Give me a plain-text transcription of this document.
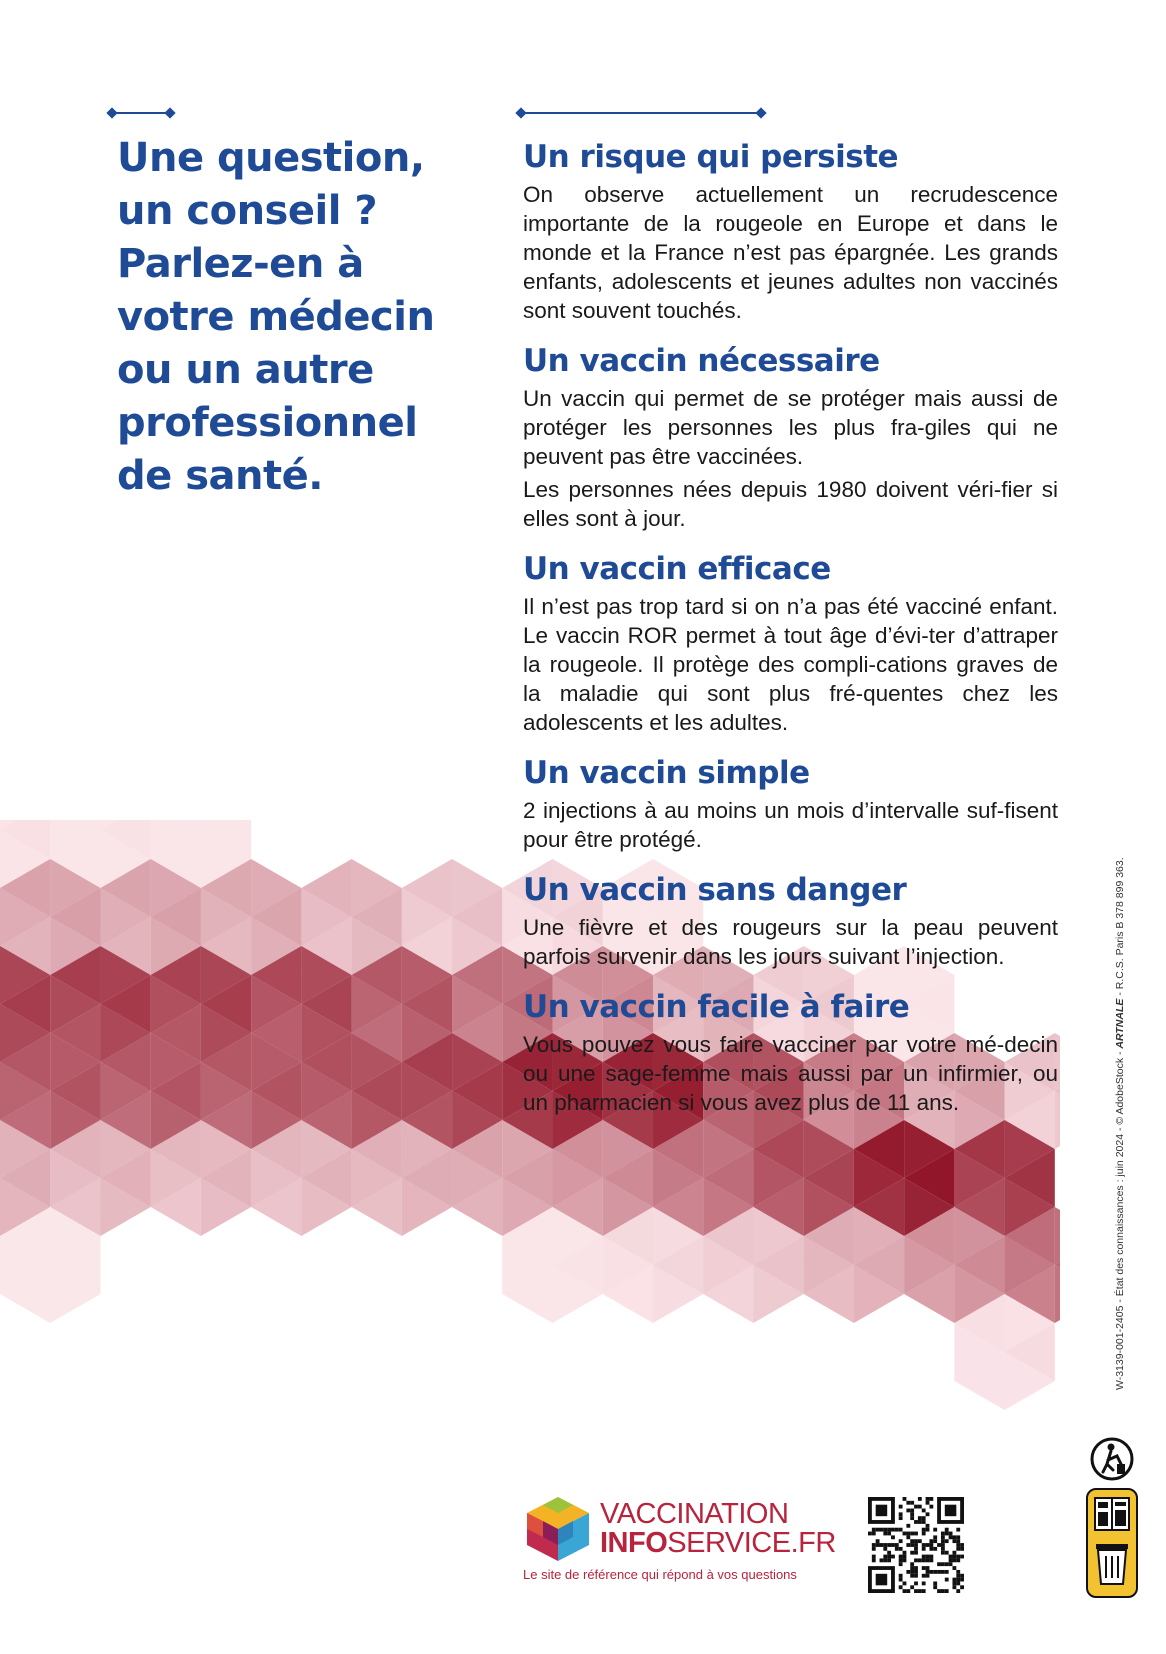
Une question,
un conseil ?
Parlez-en à
votre médecin
ou un autre
professionnel
de santé.
Un risque qui persiste

On observe actuellement un recrudescence importante de la rougeole en Europe et dans le monde et la France n’est pas épargnée. Les grands enfants, adolescents et jeunes adultes non vaccinés sont souvent touchés.

Un vaccin nécessaire

Un vaccin qui permet de se protéger mais aussi de protéger les personnes les plus fra-giles qui ne peuvent pas être vaccinées.

Les personnes nées depuis 1980 doivent véri-fier si elles sont à jour.

Un vaccin efficace

Il n’est pas trop tard si on n’a pas été vacciné enfant. Le vaccin ROR permet à tout âge d’évi-ter d’attraper la rougeole. Il protège des compli-cations graves de la maladie qui sont plus fré-quentes chez les adolescents et les adultes.

Un vaccin simple

2 injections à au moins un mois d’intervalle suf-fisent pour être protégé.

Un vaccin sans danger

Une fièvre et des rougeurs sur la peau peuvent parfois survenir dans les jours suivant l’injection.

Un vaccin facile à faire

Vous pouvez vous faire vacciner par votre mé-decin ou une sage-femme mais aussi par un infirmier, ou un pharmacien si vous avez plus de 11 ans.

VACCINATION
INFOSERVICE.FR
Le site de référence qui répond à vos questions
W-3139-001-2405 - État des connaissances : juin 2024 - © AdobeStock - ARTNALE - R.C.S. Paris B 378 899 363.
